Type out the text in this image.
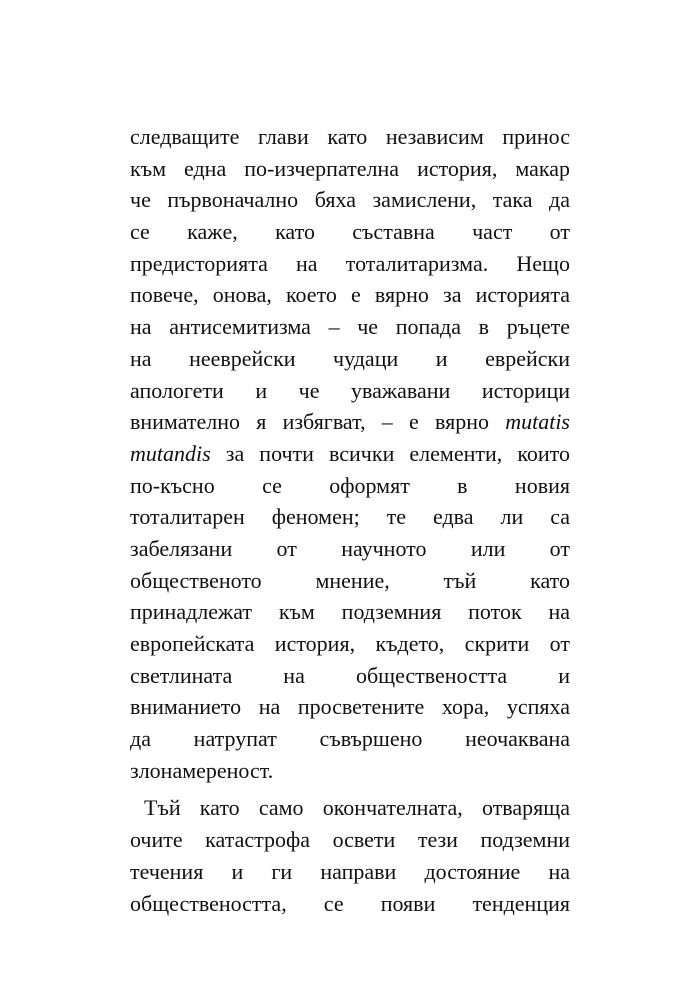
следващите глави като независим принос
към една по-изчерпателна история, макар
че първоначално бяха замислени, така да
се кажe, като съставна част от
предисторията на тоталитаризма. Нещо
повече, онова, което е вярно за историята
на антисемитизма – че попада в ръцете
на нееврейски чудаци и еврейски
апологети и че уважавани историци
внимателно я избягват, – е вярно mutatis
mutandis за почти всички елементи, които
по-късно се оформят в новия
тоталитарен феномен; те едва ли са
забелязани от научното или от
общественото мнение, тъй като
принадлежат към подземния поток на
европейската история, където, скрити от
светлината на обществеността и
вниманието на просветените хора, успяха
да натрупат съвършено неочаквана
злонамереност.
Тъй като само окончателната, отваряща
очите катастрофа освети тези подземни
течения и ги направи достояние на
обществеността, се появи тенденция
